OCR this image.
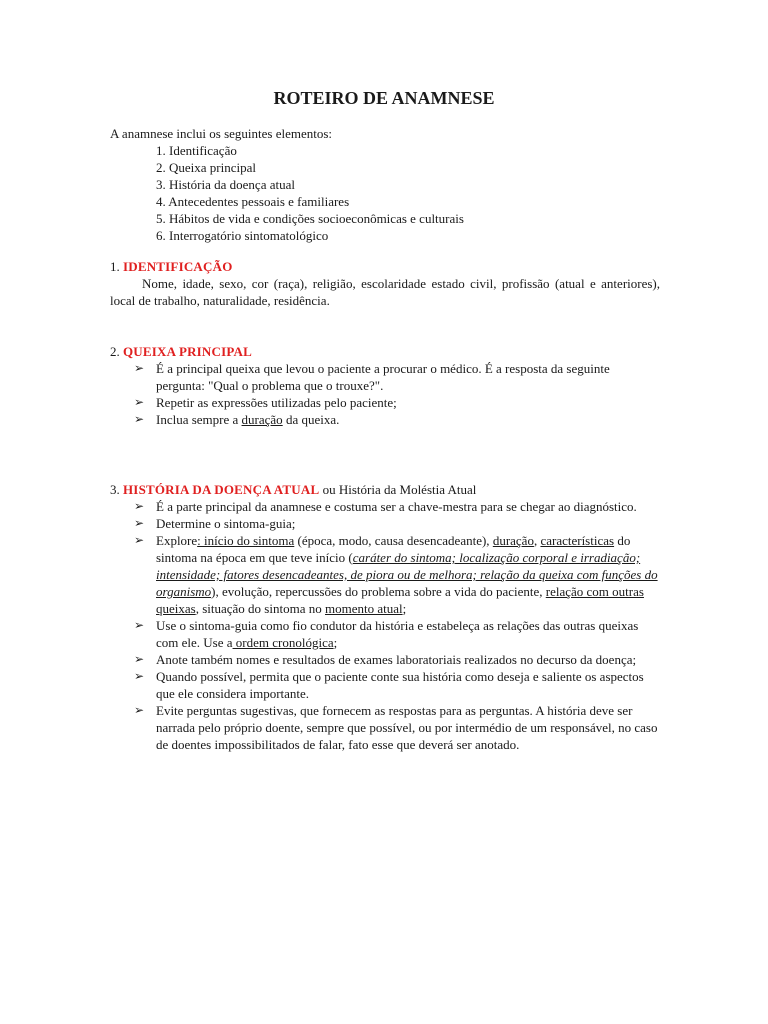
ROTEIRO DE ANAMNESE
A anamnese inclui os seguintes elementos:
1. Identificação
2. Queixa principal
3. História da doença atual
4. Antecedentes pessoais e familiares
5. Hábitos de vida e condições socioeconômicas e culturais
6. Interrogatório sintomatológico
1. IDENTIFICAÇÃO
Nome, idade, sexo, cor (raça), religião, escolaridade estado civil, profissão (atual e anteriores), local de trabalho, naturalidade, residência.
2. QUEIXA PRINCIPAL
➢ É a principal queixa que levou o paciente a procurar o médico. É a resposta da seguinte pergunta: "Qual o problema que o trouxe?".
➢ Repetir as expressões utilizadas pelo paciente;
➢ Inclua sempre a duração da queixa.
3. HISTÓRIA DA DOENÇA ATUAL ou História da Moléstia Atual
➢ É a parte principal da anamnese e costuma ser a chave-mestra para se chegar ao diagnóstico.
➢ Determine o sintoma-guia;
➢ Explore: início do sintoma (época, modo, causa desencadeante), duração, características do sintoma na época em que teve início (caráter do sintoma; localização corporal e irradiação; intensidade; fatores desencadeantes, de piora ou de melhora; relação da queixa com funções do organismo), evolução, repercussões do problema sobre a vida do paciente, relação com outras queixas, situação do sintoma no momento atual;
➢ Use o sintoma-guia como fio condutor da história e estabeleça as relações das outras queixas com ele. Use a ordem cronológica;
➢ Anote também nomes e resultados de exames laboratoriais realizados no decurso da doença;
➢ Quando possível, permita que o paciente conte sua história como deseja e saliente os aspectos que ele considera importante.
➢ Evite perguntas sugestivas, que fornecem as respostas para as perguntas. A história deve ser narrada pelo próprio doente, sempre que possível, ou por intermédio de um responsável, no caso de doentes impossibilitados de falar, fato esse que deverá ser anotado.
